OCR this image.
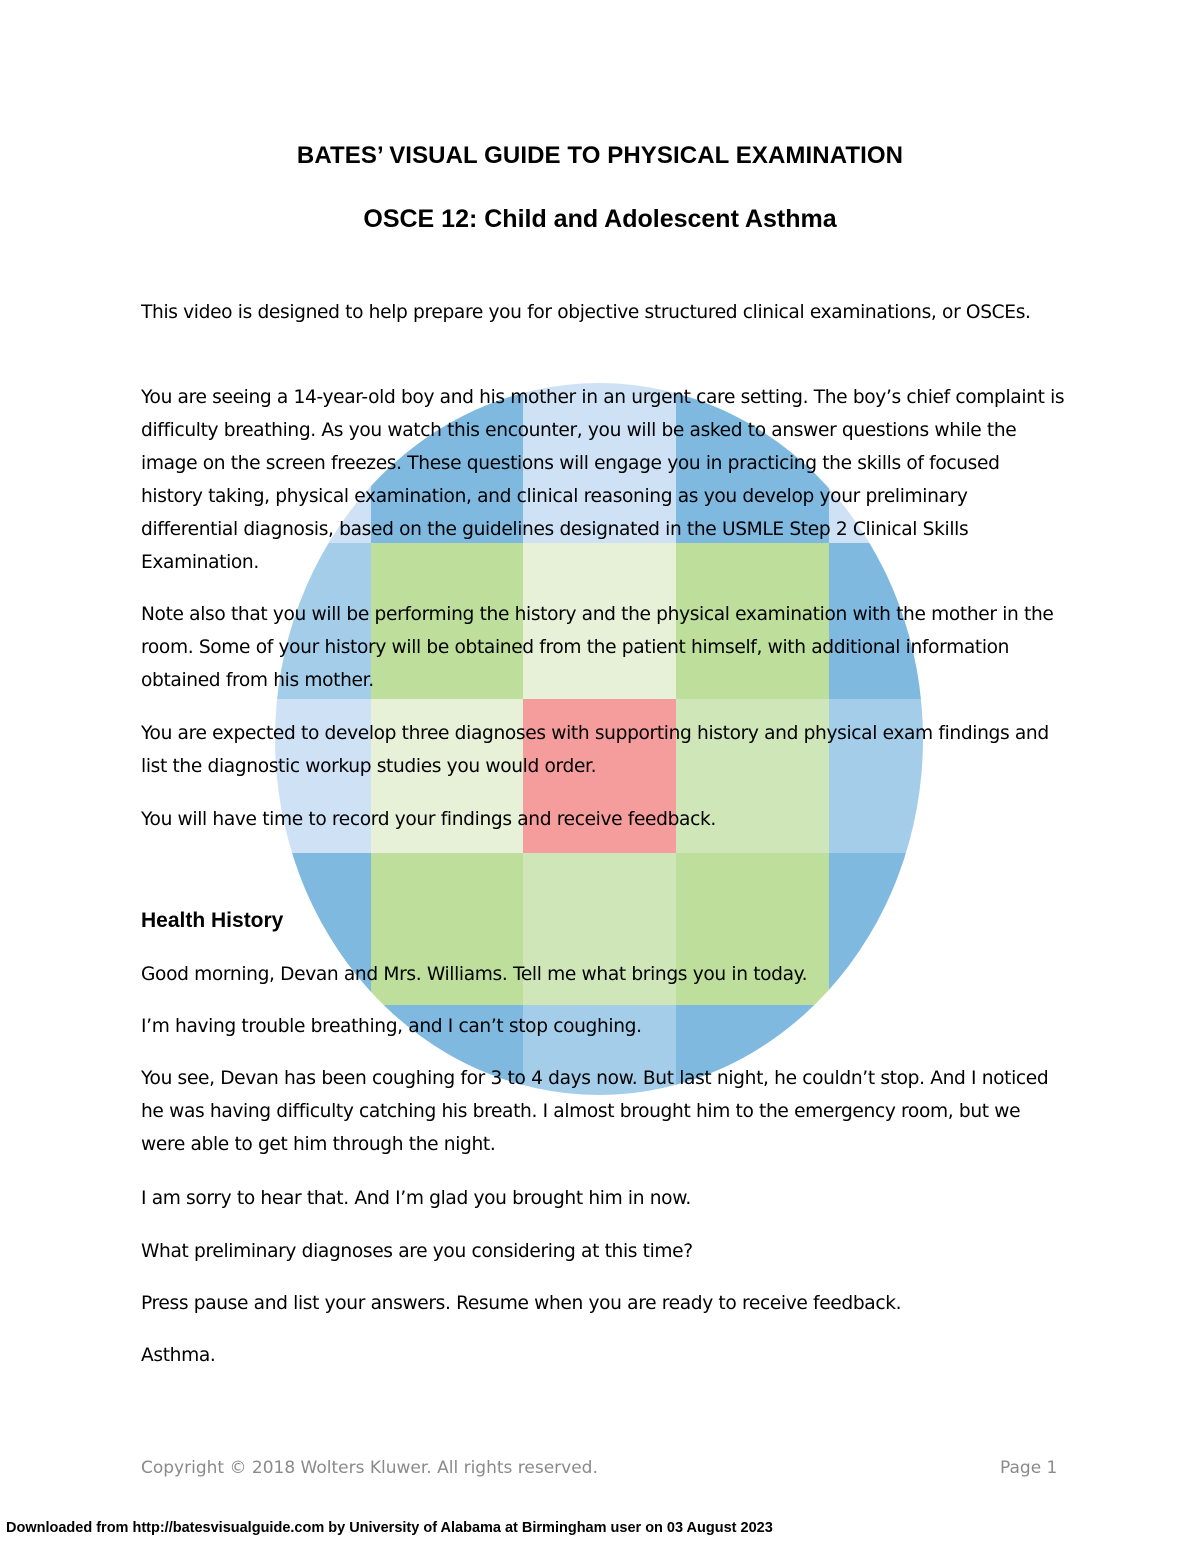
BATES’ VISUAL GUIDE TO PHYSICAL EXAMINATION
OSCE 12: Child and Adolescent Asthma

This video is designed to help prepare you for objective structured clinical examinations, or OSCEs.

You are seeing a 14-year-old boy and his mother in an urgent care setting. The boy’s chief complaint is difficulty breathing. As you watch this encounter, you will be asked to answer questions while the image on the screen freezes. These questions will engage you in practicing the skills of focused history taking, physical examination, and clinical reasoning as you develop your preliminary differential diagnosis, based on the guidelines designated in the USMLE Step 2 Clinical Skills Examination.

Note also that you will be performing the history and the physical examination with the mother in the room. Some of your history will be obtained from the patient himself, with additional information obtained from his mother.

You are expected to develop three diagnoses with supporting history and physical exam findings and list the diagnostic workup studies you would order.

You will have time to record your findings and receive feedback.

Health History

Good morning, Devan and Mrs. Williams. Tell me what brings you in today.

I’m having trouble breathing, and I can’t stop coughing.

You see, Devan has been coughing for 3 to 4 days now. But last night, he couldn’t stop. And I noticed he was having difficulty catching his breath. I almost brought him to the emergency room, but we were able to get him through the night.

I am sorry to hear that. And I’m glad you brought him in now.

What preliminary diagnoses are you considering at this time?

Press pause and list your answers. Resume when you are ready to receive feedback.

Asthma.

Copyright © 2018 Wolters Kluwer. All rights reserved.	Page 1
Downloaded from http://batesvisualguide.com by University of Alabama at Birmingham user on 03 August 2023
